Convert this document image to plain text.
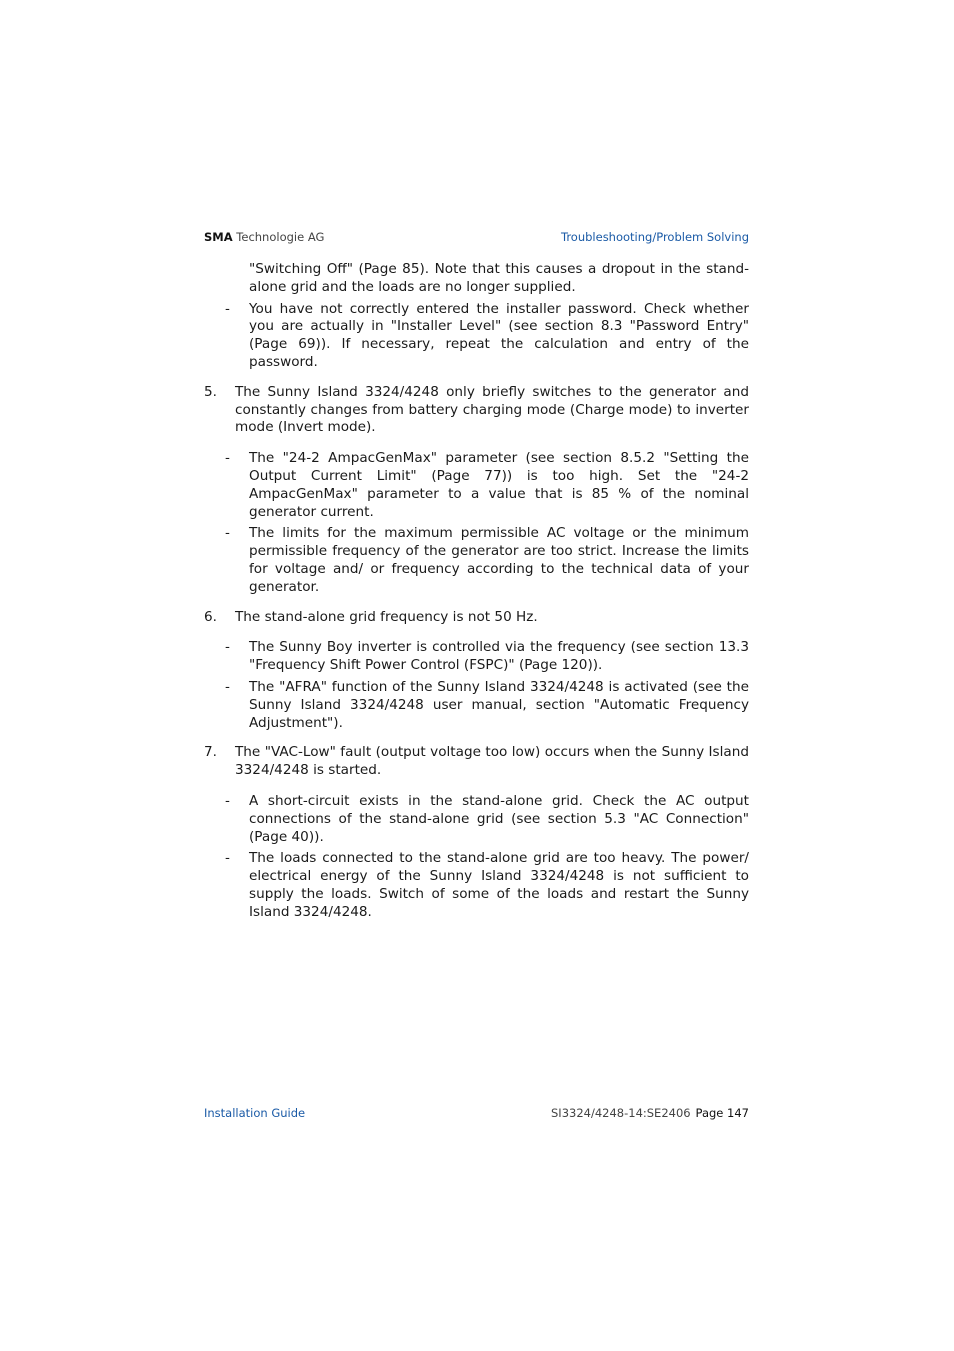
SMA Technologie AG	Troubleshooting/Problem Solving

"Switching Off" (Page 85). Note that this causes a dropout in the stand-alone grid and the loads are no longer supplied.

-	You have not correctly entered the installer password. Check whether you are actually in "Installer Level" (see section 8.3 "Password Entry" (Page 69)). If necessary, repeat the calculation and entry of the password.
5.	The Sunny Island 3324/4248 only briefly switches to the generator and constantly changes from battery charging mode (Charge mode) to inverter mode (Invert mode).
-	The "24-2 AmpacGenMax" parameter (see section 8.5.2 "Setting the Output Current Limit" (Page 77)) is too high. Set the "24-2 AmpacGenMax" parameter to a value that is 85 % of the nominal generator current.
-	The limits for the maximum permissible AC voltage or the minimum permissible frequency of the generator are too strict. Increase the limits for voltage and/ or frequency according to the technical data of your generator.
6.	The stand-alone grid frequency is not 50 Hz.
-	The Sunny Boy inverter is controlled via the frequency (see section 13.3 "Frequency Shift Power Control (FSPC)" (Page 120)).
-	The "AFRA" function of the Sunny Island 3324/4248 is activated (see the Sunny Island 3324/4248 user manual, section "Automatic Frequency Adjustment").
7.	The "VAC-Low" fault (output voltage too low) occurs when the Sunny Island 3324/4248 is started.
-	A short-circuit exists in the stand-alone grid. Check the AC output connections of the stand-alone grid (see section 5.3 "AC Connection" (Page 40)).
-	The loads connected to the stand-alone grid are too heavy. The power/ electrical energy of the Sunny Island 3324/4248 is not sufficient to supply the loads. Switch of some of the loads and restart the Sunny Island 3324/4248.
Installation Guide	SI3324/4248-14:SE2406 Page 147
